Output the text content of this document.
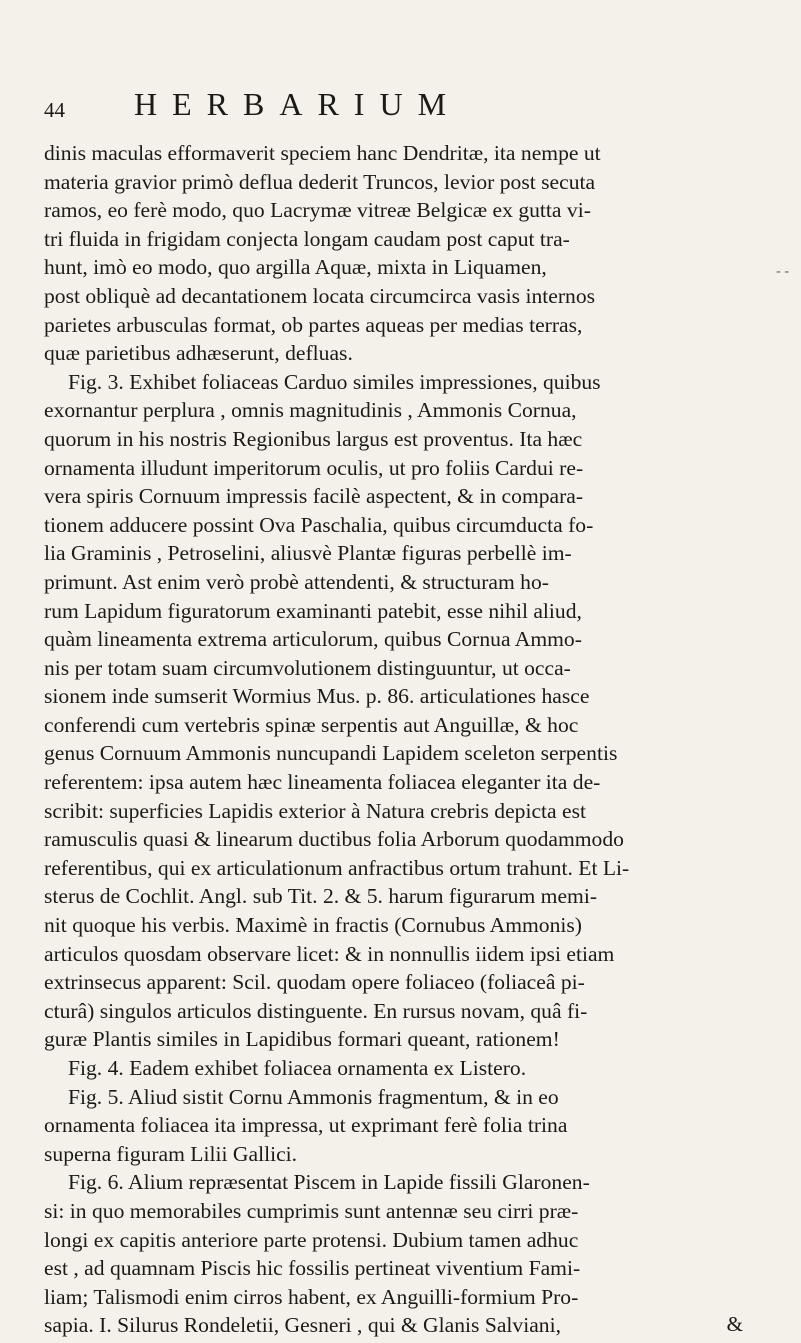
44 HERBARIUM
dinis maculas efformaverit speciem hanc Dendritæ, ita nempe ut
materia gravior primò deflua dederit Truncos, levior post secuta
ramos, eo ferè modo, quo Lacrymæ vitreæ Belgicæ ex gutta vi-
tri fluida in frigidam conjecta longam caudam post caput tra-
hunt, imò eo modo, quo argilla Aquæ, mixta in Liquamen,
post obliquè ad decantationem locata circumcirca vasis internos
parietes arbusculas format, ob partes aqueas per medias terras,
quæ parietibus adhæserunt, defluas.
Fig. 3. Exhibet foliaceas Carduo similes impressiones, quibus
exornantur perplura , omnis magnitudinis , Ammonis Cornua,
quorum in his nostris Regionibus largus est proventus. Ita hæc
ornamenta illudunt imperitorum oculis, ut pro foliis Cardui re-
vera spiris Cornuum impressis facilè aspectent, & in compara-
tionem adducere possint Ova Paschalia, quibus circumducta fo-
lia Graminis , Petroselini, aliusvè Plantæ figuras perbellè im-
primunt. Ast enim verò probè attendenti, & structuram ho-
rum Lapidum figuratorum examinanti patebit, esse nihil aliud,
quàm lineamenta extrema articulorum, quibus Cornua Ammo-
nis per totam suam circumvolutionem distinguuntur, ut occa-
sionem inde sumserit Wormius Mus. p. 86. articulationes hasce
conferendi cum vertebris spinæ serpentis aut Anguillæ, & hoc
genus Cornuum Ammonis nuncupandi Lapidem sceleton serpentis
referentem: ipsa autem hæc lineamenta foliacea eleganter ita de-
scribit: superficies Lapidis exterior à Natura crebris depicta est
ramusculis quasi & linearum ductibus folia Arborum quodammodo
referentibus, qui ex articulationum anfractibus ortum trahunt. Et Li-
sterus de Cochlit. Angl. sub Tit. 2. & 5. harum figurarum memi-
nit quoque his verbis. Maximè in fractis (Cornubus Ammonis)
articulos quosdam observare licet: & in nonnullis iidem ipsi etiam
extrinsecus apparent: Scil. quodam opere foliaceo (foliaceâ pi-
cturâ) singulos articulos distinguente. En rursus novam, quâ fi-
guræ Plantis similes in Lapidibus formari queant, rationem!
Fig. 4. Eadem exhibet foliacea ornamenta ex Listero.
Fig. 5. Aliud sistit Cornu Ammonis fragmentum, & in eo
ornamenta foliacea ita impressa, ut exprimant ferè folia trina
superna figuram Lilii Gallici.
Fig. 6. Alium repræsentat Piscem in Lapide fissili Glaronen-
si: in quo memorabiles cumprimis sunt antennæ seu cirri præ-
longi ex capitis anteriore parte protensi. Dubium tamen adhuc
est , ad quamnam Piscis hic fossilis pertineat viventium Fami-
liam; Talismodi enim cirros habent, ex Anguilli-formium Pro-
sapia. I. Silurus Rondeletii, Gesneri , qui & Glanis Salviani,	&
- -
